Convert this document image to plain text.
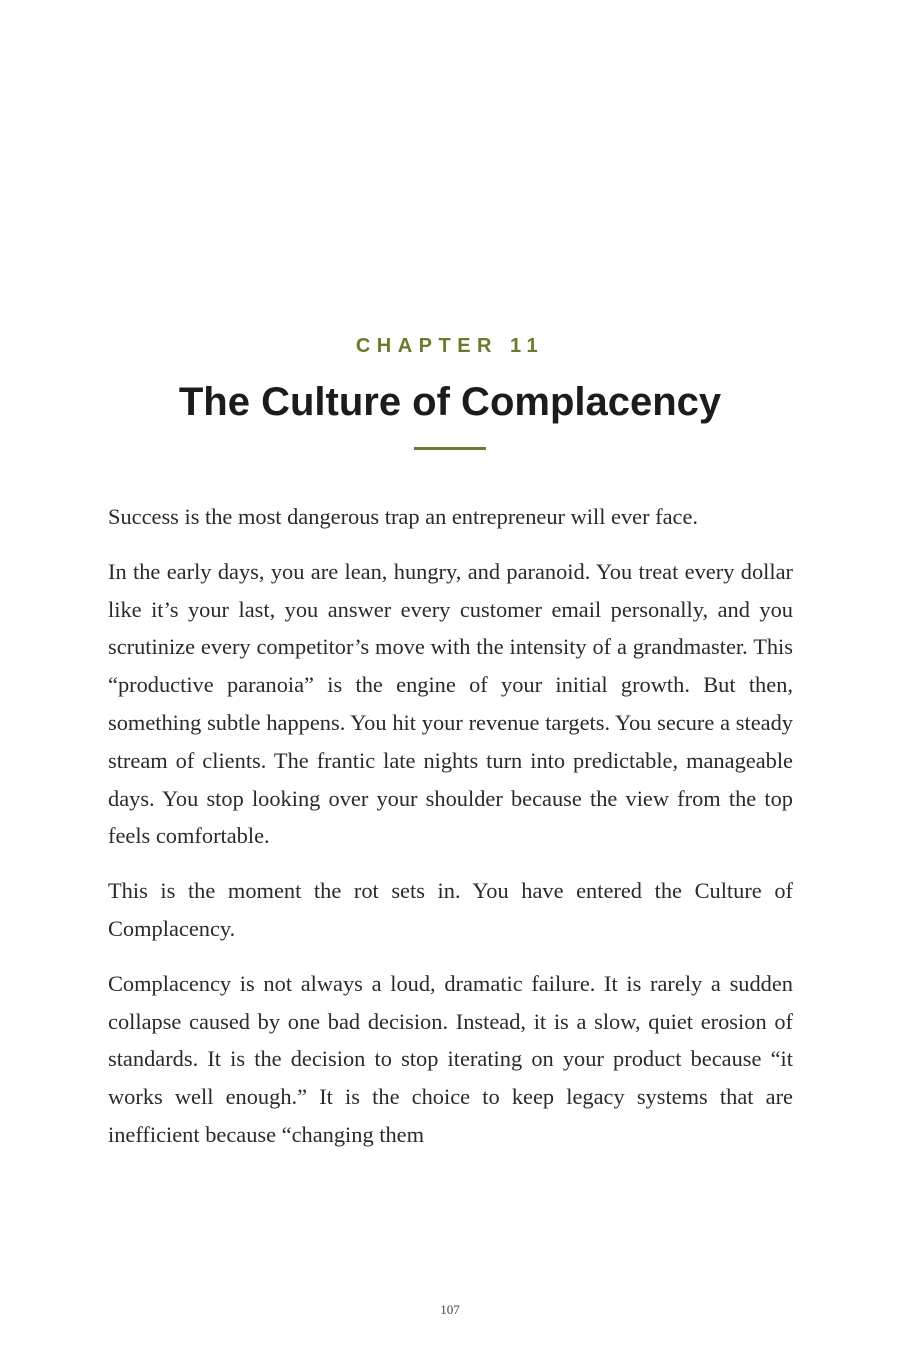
CHAPTER 11
The Culture of Complacency

Success is the most dangerous trap an entrepreneur will ever face.

In the early days, you are lean, hungry, and paranoid. You treat every dollar like it’s your last, you answer every customer email personally, and you scrutinize every competitor’s move with the intensity of a grandmaster. This “productive paranoia” is the engine of your initial growth. But then, something subtle happens. You hit your revenue targets. You secure a steady stream of clients. The frantic late nights turn into predictable, manageable days. You stop looking over your shoulder because the view from the top feels comfortable.

This is the moment the rot sets in. You have entered the Culture of Complacency.

Complacency is not always a loud, dramatic failure. It is rarely a sudden collapse caused by one bad decision. Instead, it is a slow, quiet erosion of standards. It is the decision to stop iterating on your product because “it works well enough.” It is the choice to keep legacy systems that are inefficient because “changing them

107
